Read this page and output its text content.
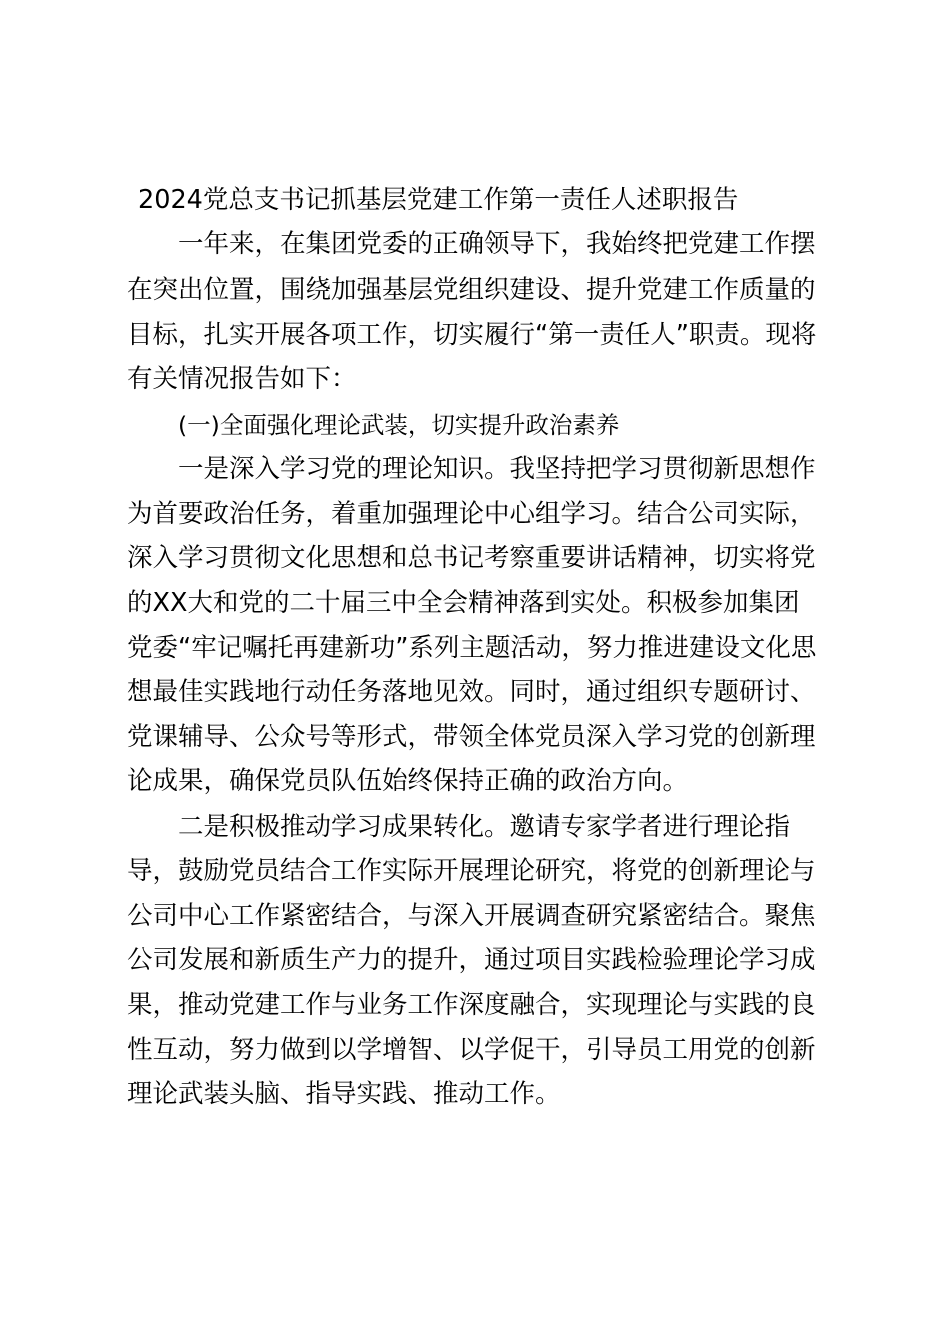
2024党总支书记抓基层党建工作第一责任人述职报告
一年来，在集团党委的正确领导下，我始终把党建工作摆
在突出位置，围绕加强基层党组织建设、提升党建工作质量的
目标，扎实开展各项工作，切实履行“第一责任人”职责。现将
有关情况报告如下：
(一)全面强化理论武装，切实提升政治素养
一是深入学习党的理论知识。我坚持把学习贯彻新思想作
为首要政治任务，着重加强理论中心组学习。结合公司实际，
深入学习贯彻文化思想和总书记考察重要讲话精神，切实将党
的XX大和党的二十届三中全会精神落到实处。积极参加集团
党委“牢记嘱托再建新功”系列主题活动，努力推进建设文化思
想最佳实践地行动任务落地见效。同时，通过组织专题研讨、
党课辅导、公众号等形式，带领全体党员深入学习党的创新理
论成果，确保党员队伍始终保持正确的政治方向。
二是积极推动学习成果转化。邀请专家学者进行理论指
导，鼓励党员结合工作实际开展理论研究，将党的创新理论与
公司中心工作紧密结合，与深入开展调查研究紧密结合。聚焦
公司发展和新质生产力的提升，通过项目实践检验理论学习成
果，推动党建工作与业务工作深度融合，实现理论与实践的良
性互动，努力做到以学增智、以学促干，引导员工用党的创新
理论武装头脑、指导实践、推动工作。
